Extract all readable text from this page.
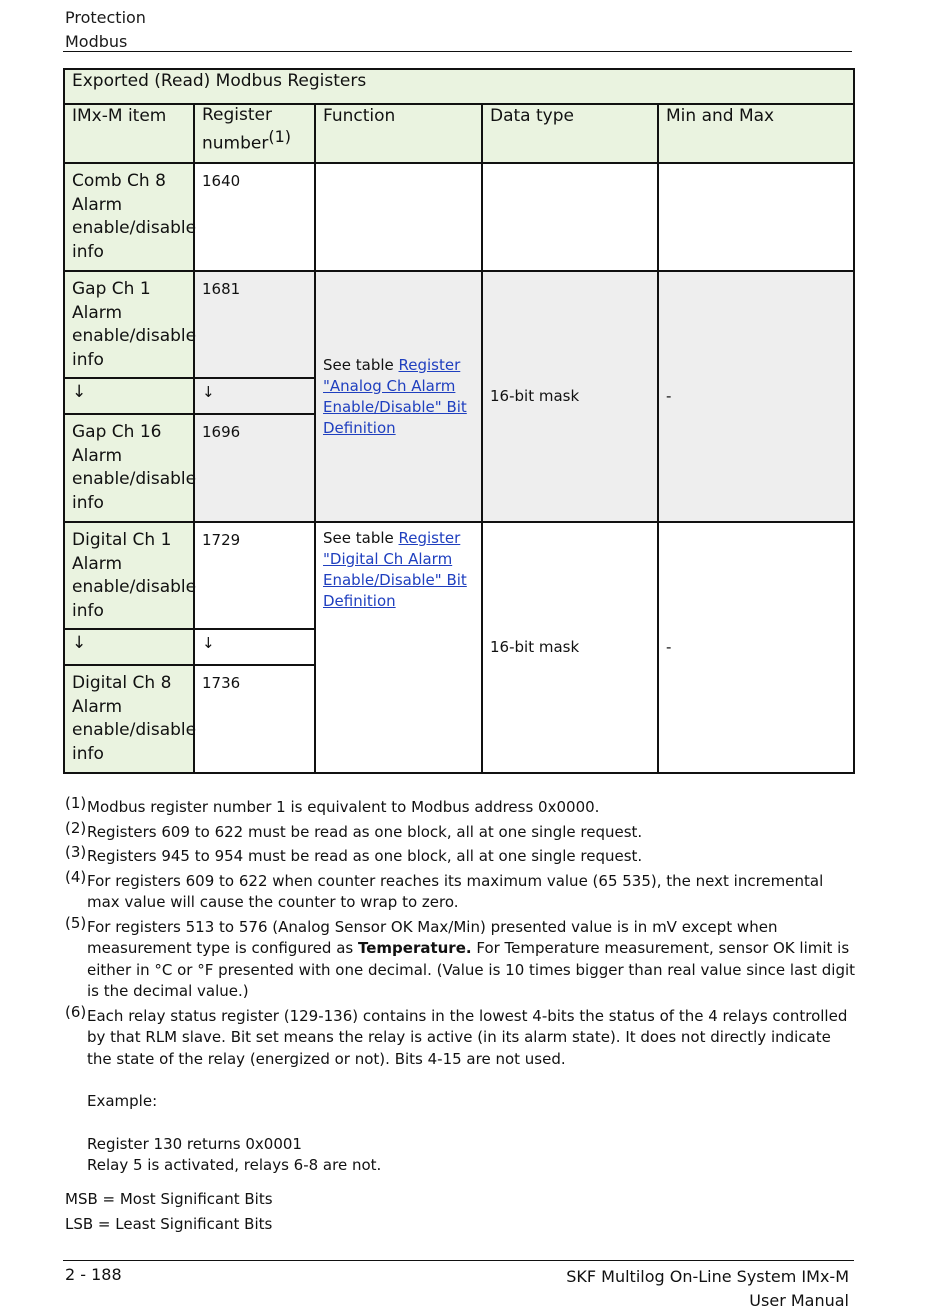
Protection
Modbus
Exported (Read) Modbus Registers				
IMx-M item	Register number$^{(1)}$	Function	Data type	Min and Max
Comb Ch 8 Alarm enable/disable info	1640			
Gap Ch 1 Alarm enable/disable info	1681	See table Register "Analog Ch Alarm Enable/Disable" Bit Definition	16-bit mask	-
↓	↓			
Gap Ch 16 Alarm enable/disable info	1696			
Digital Ch 1 Alarm enable/disable info	1729	See table Register "Digital Ch Alarm Enable/Disable" Bit Definition	16-bit mask	-
↓	↓			
Digital Ch 8 Alarm enable/disable info	1736			
(1) Modbus register number 1 is equivalent to Modbus address 0x0000.
(2) Registers 609 to 622 must be read as one block, all at one single request.
(3) Registers 945 to 954 must be read as one block, all at one single request.
(4) For registers 609 to 622 when counter reaches its maximum value (65 535), the next incremental max value will cause the counter to wrap to zero.
(5) For registers 513 to 576 (Analog Sensor OK Max/Min) presented value is in mV except when measurement type is configured as Temperature. For Temperature measurement, sensor OK limit is either in °C or °F presented with one decimal. (Value is 10 times bigger than real value since last digit is the decimal value.)
(6) Each relay status register (129-136) contains in the lowest 4-bits the status of the 4 relays controlled by that RLM slave. Bit set means the relay is active (in its alarm state). It does not directly indicate the state of the relay (energized or not). Bits 4-15 are not used.
Example:
Register 130 returns 0x0001
Relay 5 is activated, relays 6-8 are not.
MSB = Most Significant Bits
LSB = Least Significant Bits
2 - 188	SKF Multilog On-Line System IMx-M
User Manual
